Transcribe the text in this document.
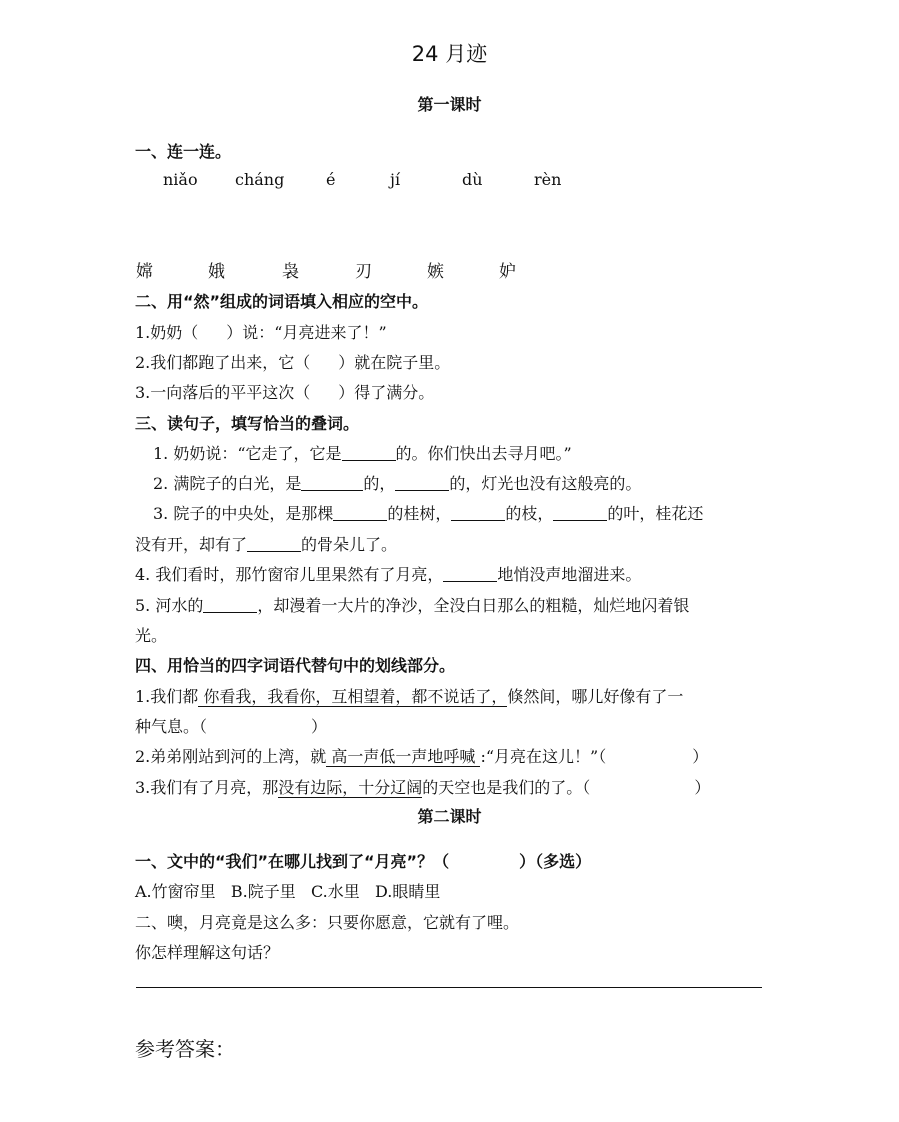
24 月迹
第一课时
一、连一连。
niǎo cháng	é	jí	dù	rèn
嫦	娥	袅	刃	嫉	妒
二、用“然”组成的词语填入相应的空中。
1.奶奶（ ）说：“月亮进来了！”
2.我们都跑了出来，它（ ）就在院子里。
3.一向落后的平平这次（ ）得了满分。
三、读句子，填写恰当的叠词。
1. 奶奶说：“它走了，它是	的。你们快出去寻月吧。”
2. 满院子的白光，是	的，	的，灯光也没有这般亮的。
3. 院子的中央处，是那棵	的桂树，	的枝，	的叶，桂花还
没有开，却有了	的骨朵儿了。
4. 我们看时，那竹窗帘儿里果然有了月亮，	地悄没声地溜进来。
5. 河水的	，却漫着一大片的净沙，全没白日那么的粗糙，灿烂地闪着银
光。
四、用恰当的四字词语代替句中的划线部分。
1.我们都 你看我，我看你，互相望着，都不说话了，倏然间，哪儿好像有了一
种气息。（	）
2.弟弟刚站到河的上湾，就 高一声低一声地呼喊 :“月亮在这儿！”（	）
3.我们有了月亮，那没有边际，十分辽阔的天空也是我们的了。（	）
第二课时
一、文中的“我们”在哪儿找到了“月亮”？（	）（多选）
A.竹窗帘里   B.院子里   C.水里   D.眼睛里
二、噢，月亮竟是这么多：只要你愿意，它就有了哩。
你怎样理解这句话？
参考答案：
